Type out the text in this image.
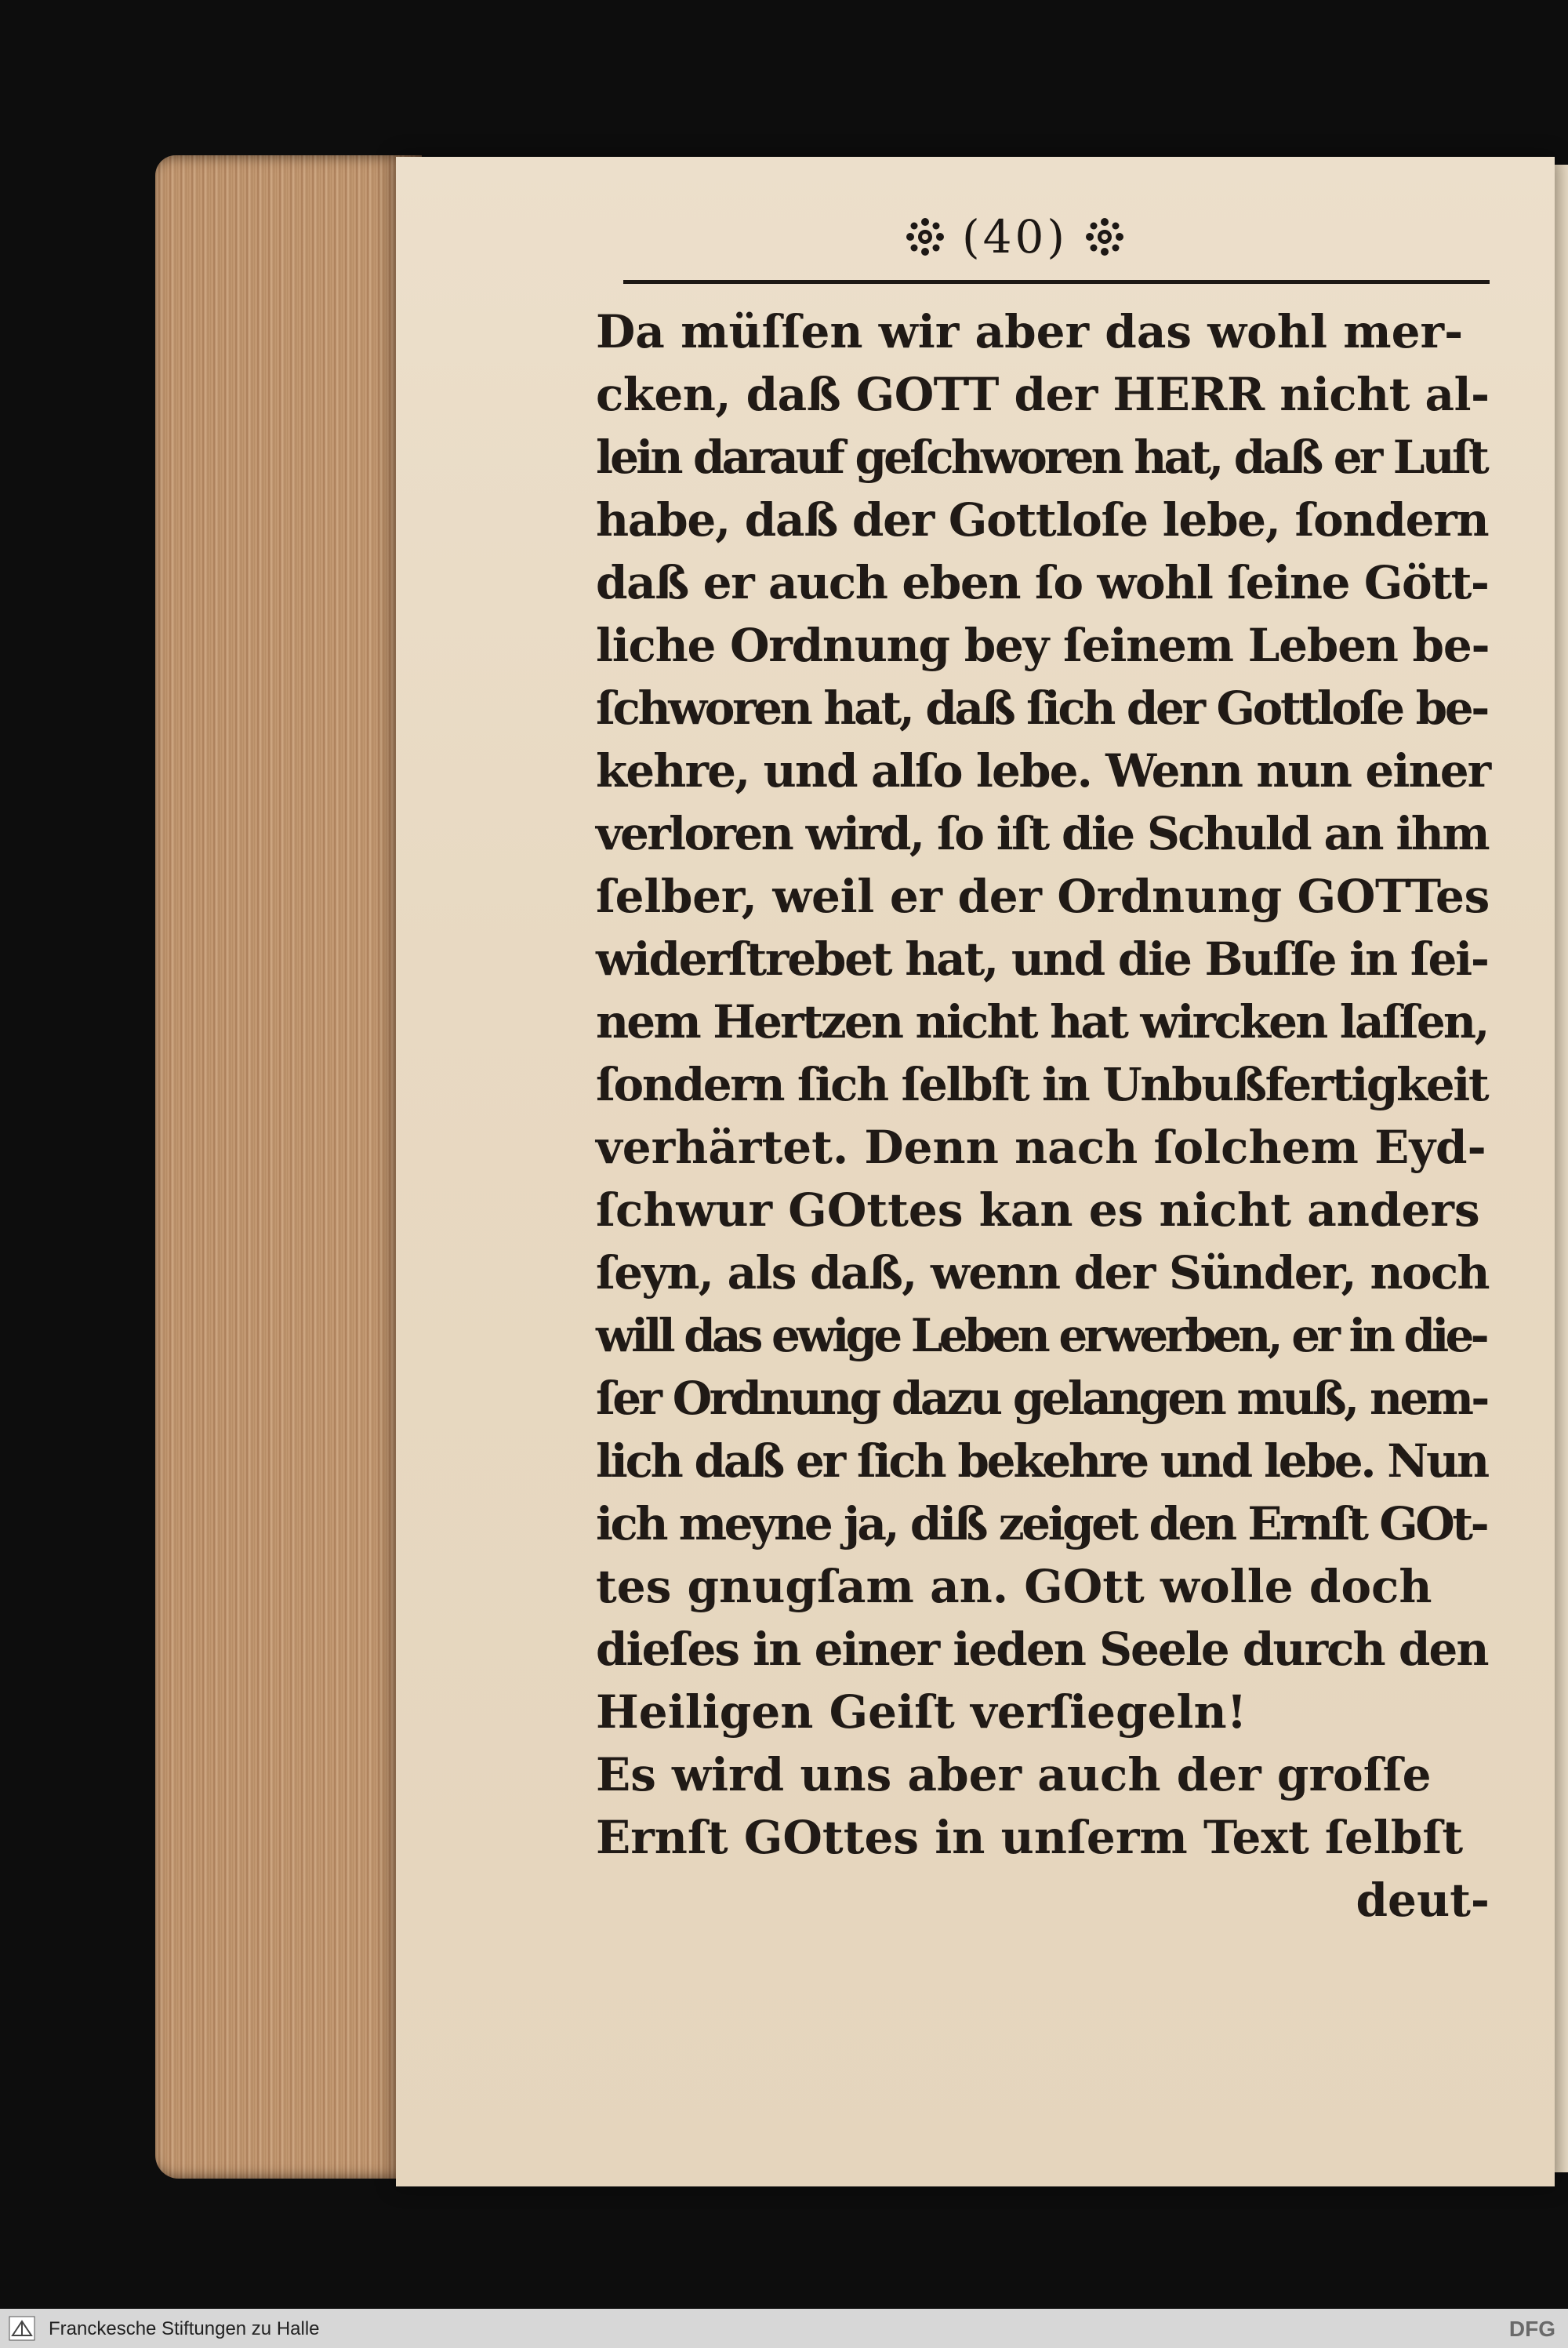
(40)
Da müſſen wir aber das wohl mer-
cken, daß GOTT der HERR nicht al-
lein darauf geſchworen hat, daß er Luſt
habe, daß der Gottloſe lebe, ſondern
daß er auch eben ſo wohl ſeine Gött-
liche Ordnung bey ſeinem Leben be-
ſchworen hat, daß ſich der Gottloſe be-
kehre, und alſo lebe. Wenn nun einer
verloren wird, ſo iſt die Schuld an ihm
ſelber, weil er der Ordnung GOTTes
widerſtrebet hat, und die Buſſe in ſei-
nem Hertzen nicht hat wircken laſſen,
ſondern ſich ſelbſt in Unbußfertigkeit
verhärtet. Denn nach ſolchem Eyd-
ſchwur GOttes kan es nicht anders
ſeyn, als daß, wenn der Sünder, noch
will das ewige Leben erwerben, er in die-
ſer Ordnung dazu gelangen muß, nem-
lich daß er ſich bekehre und lebe. Nun
ich meyne ja, diß zeiget den Ernſt GOt-
tes gnugſam an. GOtt wolle doch
dieſes in einer ieden Seele durch den
Heiligen Geiſt verſiegeln!
Es wird uns aber auch der groſſe
Ernſt GOttes in unſerm Text ſelbſt
deut-
Franckesche Stiftungen zu Halle	DFG
